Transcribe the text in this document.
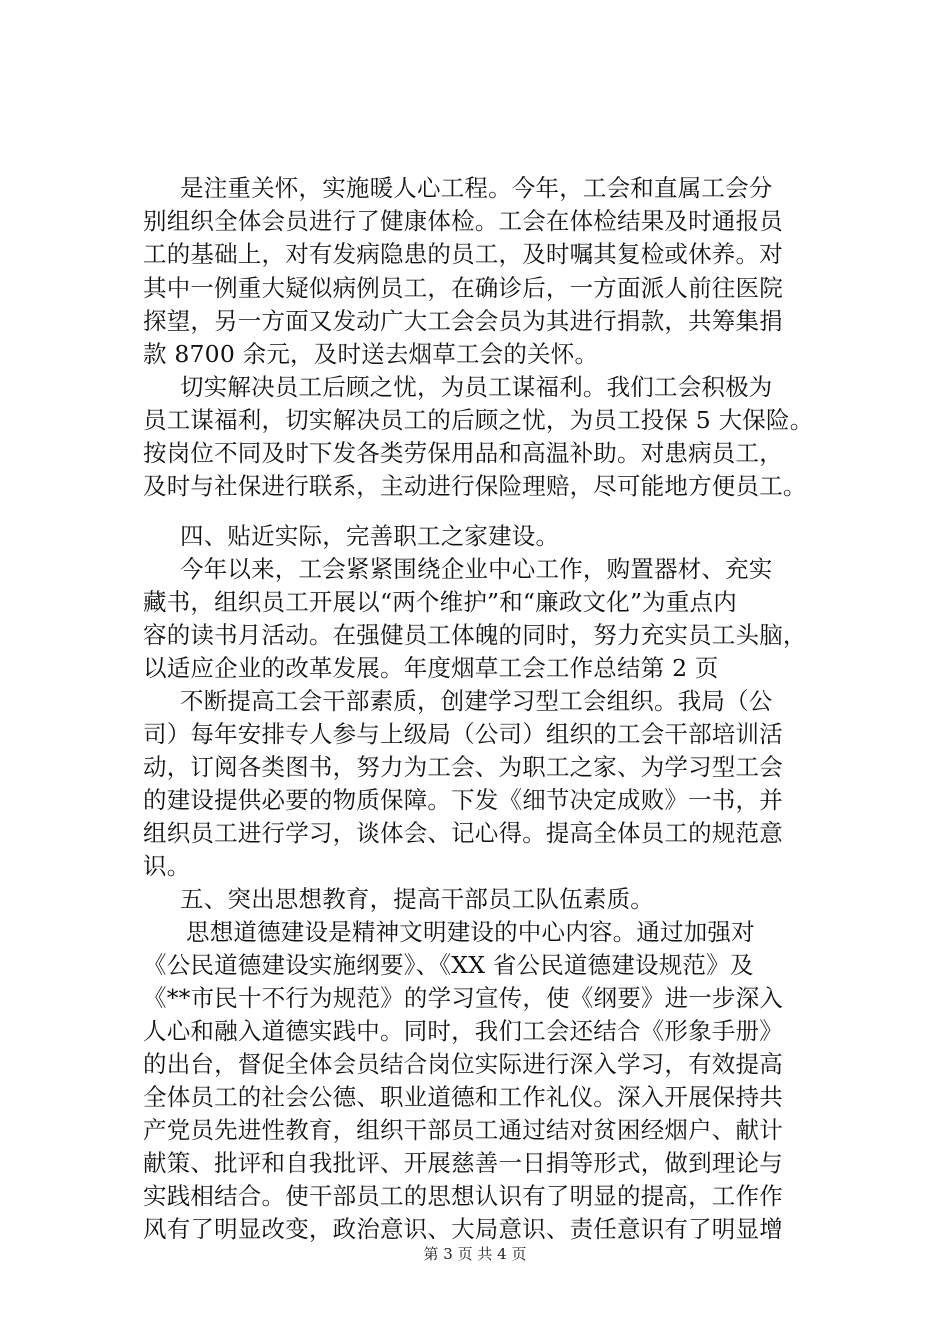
是注重关怀，实施暖人心工程。今年，工会和直属工会分
别组织全体会员进行了健康体检。工会在体检结果及时通报员
工的基础上，对有发病隐患的员工，及时嘱其复检或休养。对
其中一例重大疑似病例员工，在确诊后，一方面派人前往医院
探望，另一方面又发动广大工会会员为其进行捐款，共筹集捐
款 8700 余元，及时送去烟草工会的关怀。
切实解决员工后顾之忧，为员工谋福利。我们工会积极为
员工谋福利，切实解决员工的后顾之忧，为员工投保 5 大保险。
按岗位不同及时下发各类劳保用品和高温补助。对患病员工，
及时与社保进行联系，主动进行保险理赔，尽可能地方便员工。
四、贴近实际，完善职工之家建设。
今年以来，工会紧紧围绕企业中心工作，购置器材、充实
藏书，组织员工开展以“两个维护”和“廉政文化”为重点内
容的读书月活动。在强健员工体魄的同时，努力充实员工头脑，
以适应企业的改革发展。年度烟草工会工作总结第 2 页
不断提高工会干部素质，创建学习型工会组织。我局（公
司）每年安排专人参与上级局（公司）组织的工会干部培训活
动，订阅各类图书，努力为工会、为职工之家、为学习型工会
的建设提供必要的物质保障。下发《细节决定成败》一书，并
组织员工进行学习，谈体会、记心得。提高全体员工的规范意
识。
五、突出思想教育，提高干部员工队伍素质。
思想道德建设是精神文明建设的中心内容。通过加强对
《公民道德建设实施纲要》、《XX 省公民道德建设规范》及
《**市民十不行为规范》的学习宣传，使《纲要》进一步深入
人心和融入道德实践中。同时，我们工会还结合《形象手册》
的出台，督促全体会员结合岗位实际进行深入学习，有效提高
全体员工的社会公德、职业道德和工作礼仪。深入开展保持共
产党员先进性教育，组织干部员工通过结对贫困经烟户、献计
献策、批评和自我批评、开展慈善一日捐等形式，做到理论与
实践相结合。使干部员工的思想认识有了明显的提高，工作作
风有了明显改变，政治意识、大局意识、责任意识有了明显增
第 3 页 共 4 页
